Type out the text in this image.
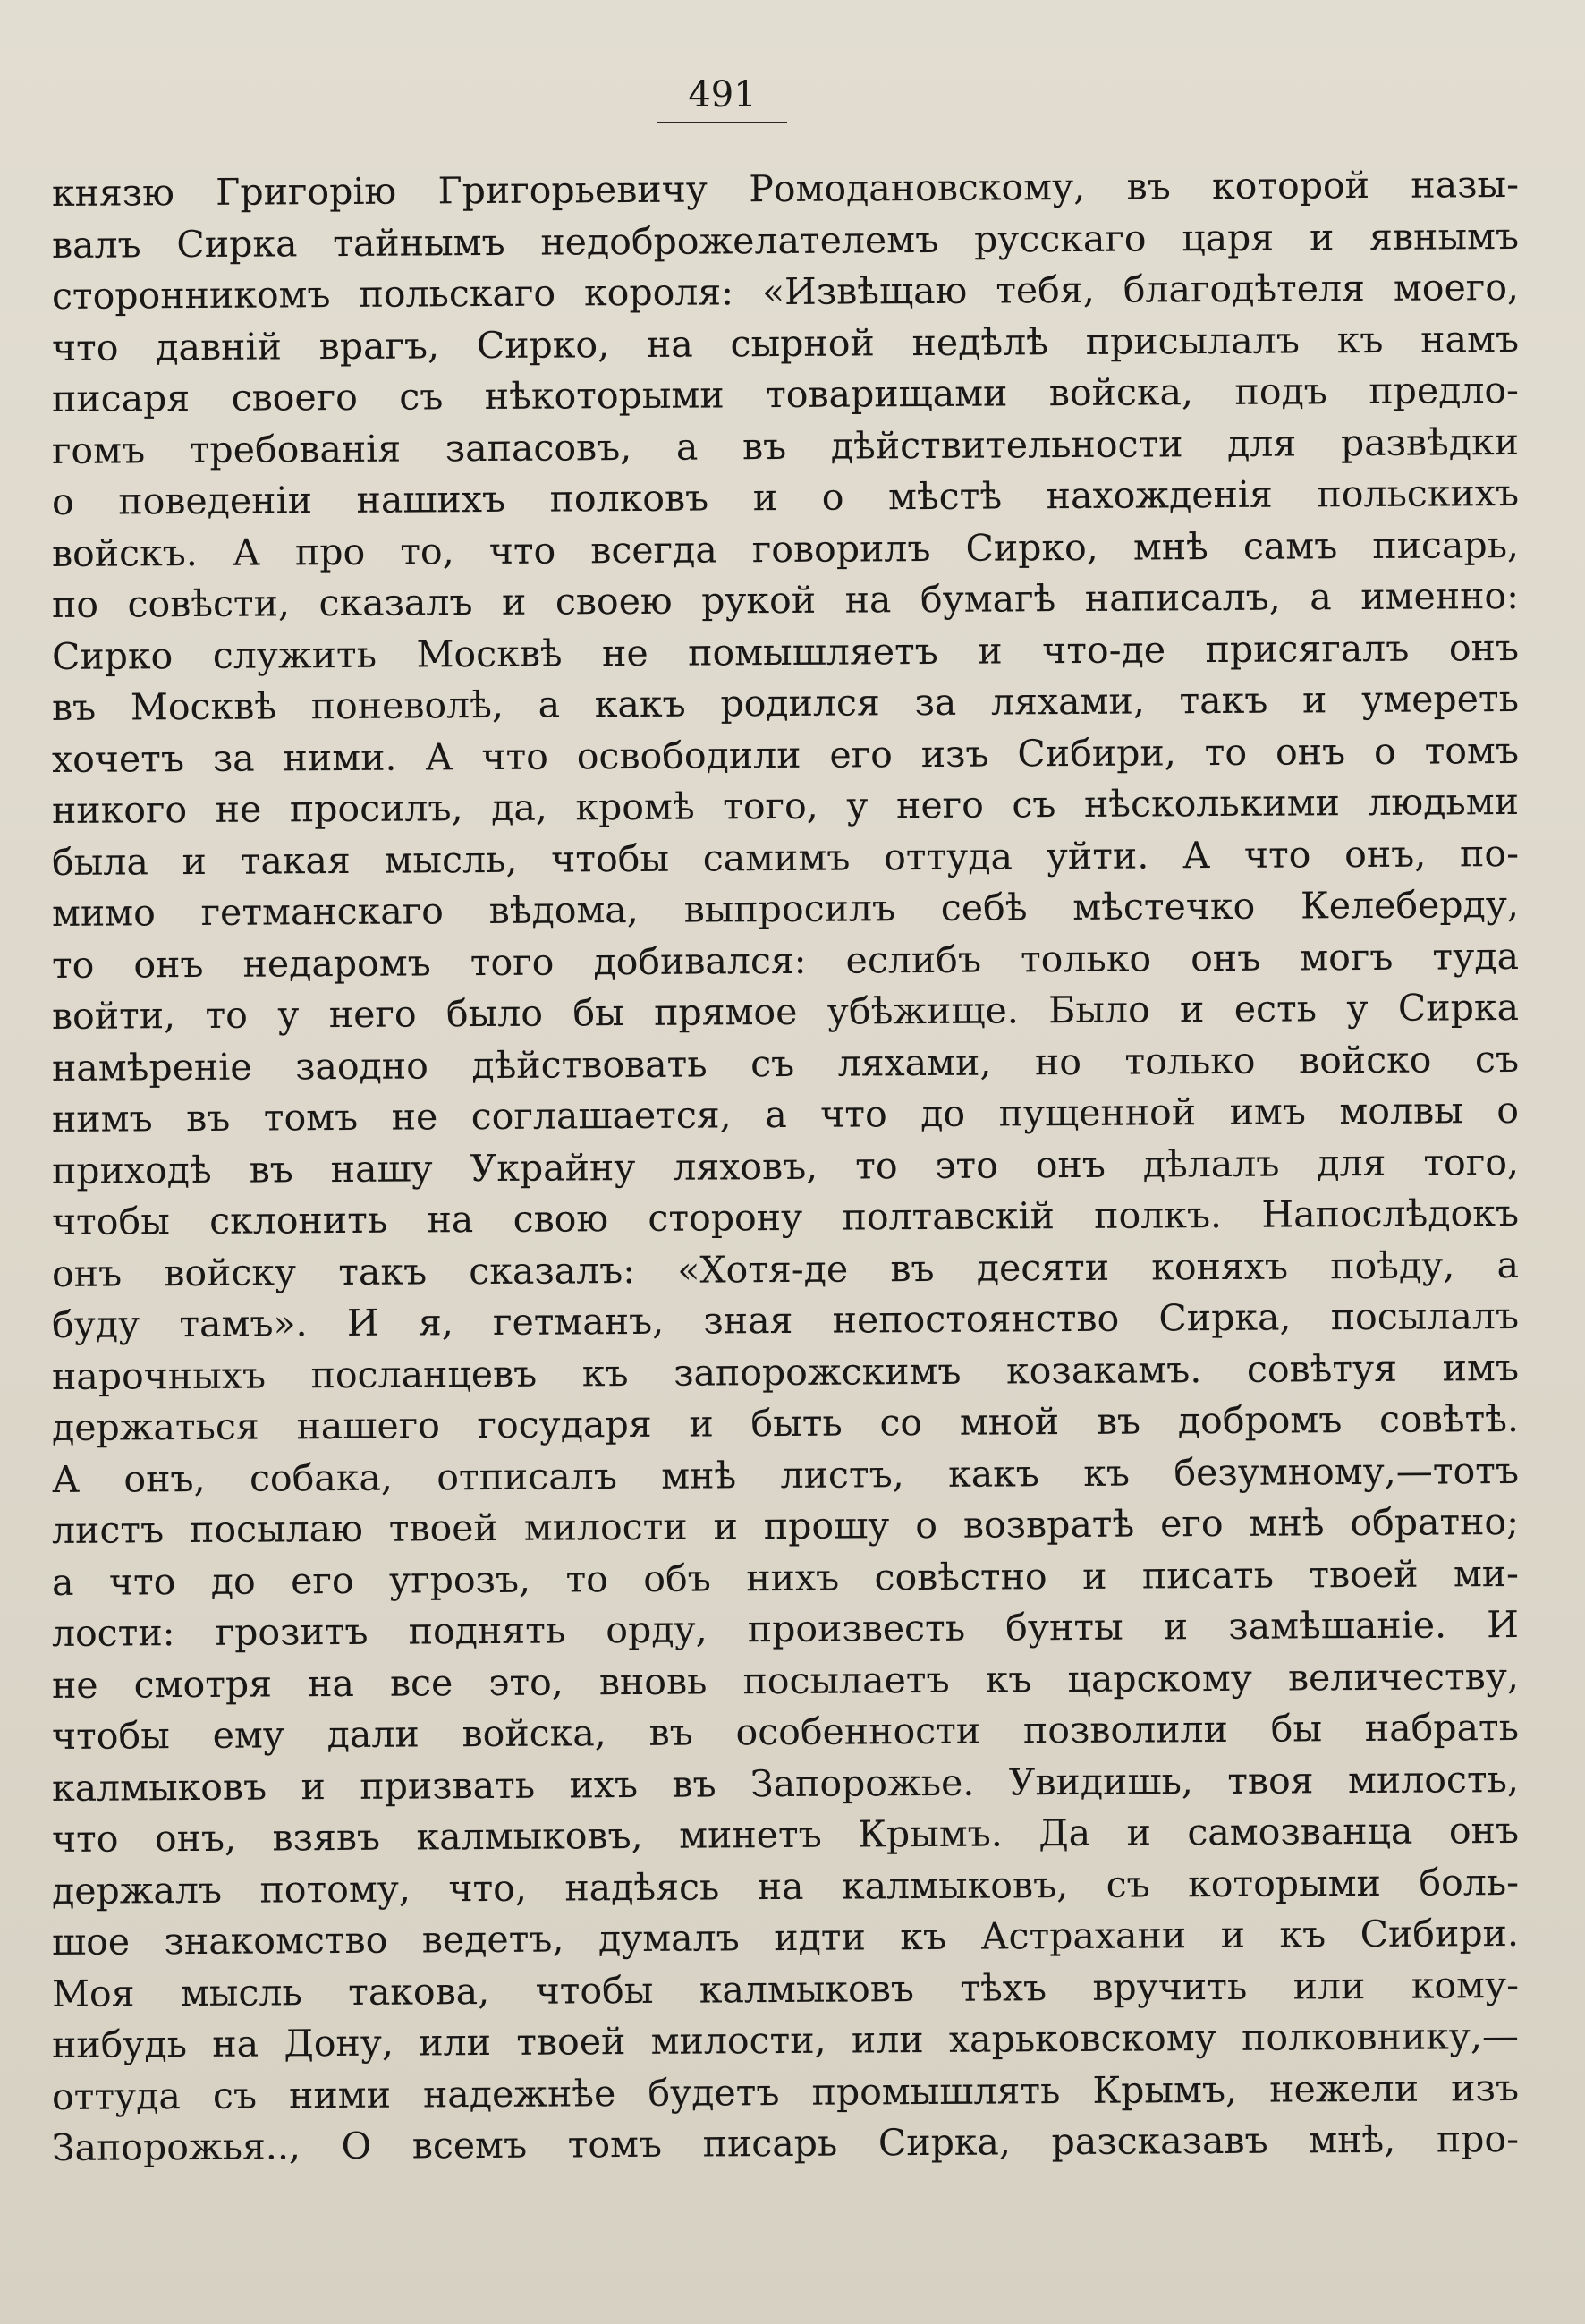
491
князю Григорію Григорьевичу Ромодановскому, въ которой назы-
валъ Сирка тайнымъ недоброжелателемъ русскаго царя и явнымъ
сторонникомъ польскаго короля: «Извѣщаю тебя, благодѣтеля моего,
что давній врагъ, Сирко, на сырной недѣлѣ присылалъ къ намъ
писаря своего съ нѣкоторыми товарищами войска, подъ предло-
гомъ требованія запасовъ, а въ дѣйствительности для развѣдки
о поведеніи нашихъ полковъ и о мѣстѣ нахожденія польскихъ
войскъ. А про то, что всегда говорилъ Сирко, мнѣ самъ писарь,
по совѣсти, сказалъ и своею рукой на бумагѣ написалъ, а именно:
Сирко служить Москвѣ не помышляетъ и что-де присягалъ онъ
въ Москвѣ поневолѣ, а какъ родился за ляхами, такъ и умереть
хочетъ за ними. А что освободили его изъ Сибири, то онъ о томъ
никого не просилъ, да, кромѣ того, у него съ нѣсколькими людьми
была и такая мысль, чтобы самимъ оттуда уйти. А что онъ, по-
мимо гетманскаго вѣдома, выпросилъ себѣ мѣстечко Келеберду,
то онъ недаромъ того добивался: еслибъ только онъ могъ туда
войти, то у него было бы прямое убѣжище. Было и есть у Сирка
намѣреніе заодно дѣйствовать съ ляхами, но только войско съ
нимъ въ томъ не соглашается, а что до пущенной имъ молвы о
приходѣ въ нашу Украйну ляховъ, то это онъ дѣлалъ для того,
чтобы склонить на свою сторону полтавскій полкъ. Напослѣдокъ
онъ войску такъ сказалъ: «Хотя-де въ десяти коняхъ поѣду, а
буду тамъ». И я, гетманъ, зная непостоянство Сирка, посылалъ
нарочныхъ посланцевъ къ запорожскимъ козакамъ. совѣтуя имъ
держаться нашего государя и быть со мной въ добромъ совѣтѣ.
А онъ, собака, отписалъ мнѣ листъ, какъ къ безумному,—тотъ
листъ посылаю твоей милости и прошу о возвратѣ его мнѣ обратно;
а что до его угрозъ, то объ нихъ совѣстно и писать твоей ми-
лости: грозитъ поднять орду, произвесть бунты и замѣшаніе. И
не смотря на все это, вновь посылаетъ къ царскому величеству,
чтобы ему дали войска, въ особенности позволили бы набрать
калмыковъ и призвать ихъ въ Запорожье. Увидишь, твоя милость,
что онъ, взявъ калмыковъ, минетъ Крымъ. Да и самозванца онъ
держалъ потому, что, надѣясь на калмыковъ, съ которыми боль-
шое знакомство ведетъ, думалъ идти къ Астрахани и къ Сибири.
Моя мысль такова, чтобы калмыковъ тѣхъ вручить или кому-
нибудь на Дону, или твоей милости, или харьковскому полковнику,—
оттуда съ ними надежнѣе будетъ промышлять Крымъ, нежели изъ
Запорожья.., О всемъ томъ писарь Сирка, разсказавъ мнѣ, про-
